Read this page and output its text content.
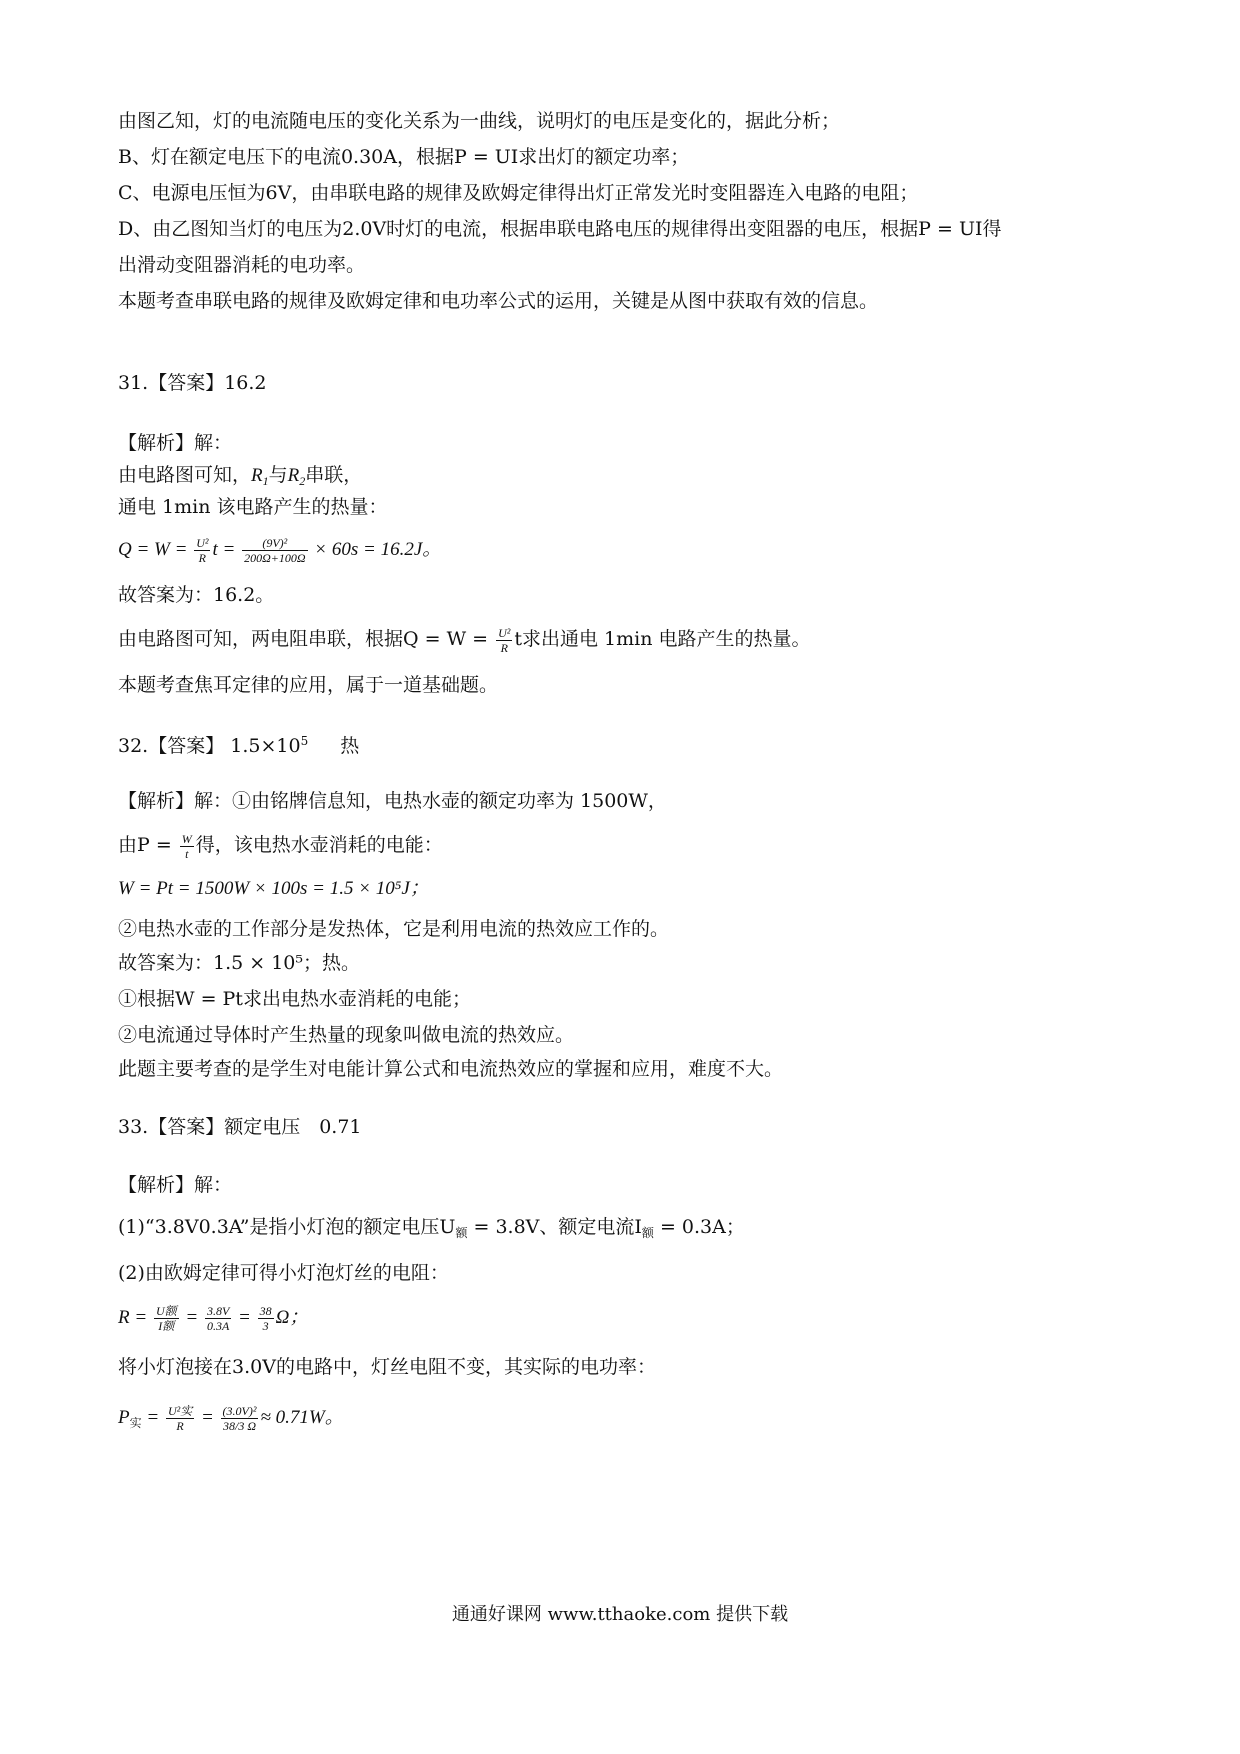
由图乙知，灯的电流随电压的变化关系为一曲线，说明灯的电压是变化的，据此分析；
B、灯在额定电压下的电流0.30A，根据P = UI求出灯的额定功率；
C、电源电压恒为6V，由串联电路的规律及欧姆定律得出灯正常发光时变阻器连入电路的电阻；
D、由乙图知当灯的电压为2.0V时灯的电流，根据串联电路电压的规律得出变阻器的电压，根据P = UI得
出滑动变阻器消耗的电功率。
本题考查串联电路的规律及欧姆定律和电功率公式的运用，关键是从图中获取有效的信息。
31.【答案】16.2
【解析】解：
由电路图可知，$R_1$与$R_2$串联，
通电 1min 该电路产生的热量：
$Q = W = \frac{\text{U²}}{R}$ $t = \frac{\text{(9V)²}}{200\Omega+100\Omega} \times 60s = 16.2J$。
故答案为：16.2。
由电路图可知，两电阻串联，根据$Q = W = \frac{\text{U²}}{R}$ t求出通电 1min 电路产生的热量。
本题考查焦耳定律的应用，属于一道基础题。
32.【答案】 $1.5\times 10^5$ 热
【解析】解：①由铭牌信息知，电热水壶的额定功率为 1500W，
由$P = \frac{W}{t}$ 得，该电热水壶消耗的电能：
W = Pt = 1500W × 100s = 1.5 × 10⁵J；
②电热水壶的工作部分是发热体，它是利用电流的热效应工作的。
故答案为：1.5 × 10⁵；热。
①根据W = Pt求出电热水壶消耗的电能；
②电流通过导体时产生热量的现象叫做电流的热效应。
此题主要考查的是学生对电能计算公式和电流热效应的掌握和应用，难度不大。
33.【答案】额定电压　0.71
【解析】解：
(1)“3.8V0.3A”是指小灯泡的额定电压$U_额 = 3.8V$、额定电流$I_额 = 0.3A$；
(2)由欧姆定律可得小灯泡灯丝的电阻：
$R = \frac{\text{U额}}{\text{I额}} = \frac{3.8V}{0.3A} = \frac{38}{3}$ Ω；
将小灯泡接在3.0V的电路中，灯丝电阻不变，其实际的电功率：
$P_实 = \frac{\text{U²实}}{R} = \frac{\text{(3.0V)²}}{38/3 \Omega} \approx 0.71W$。
通通好课网 www.tthaoke.com 提供下载
